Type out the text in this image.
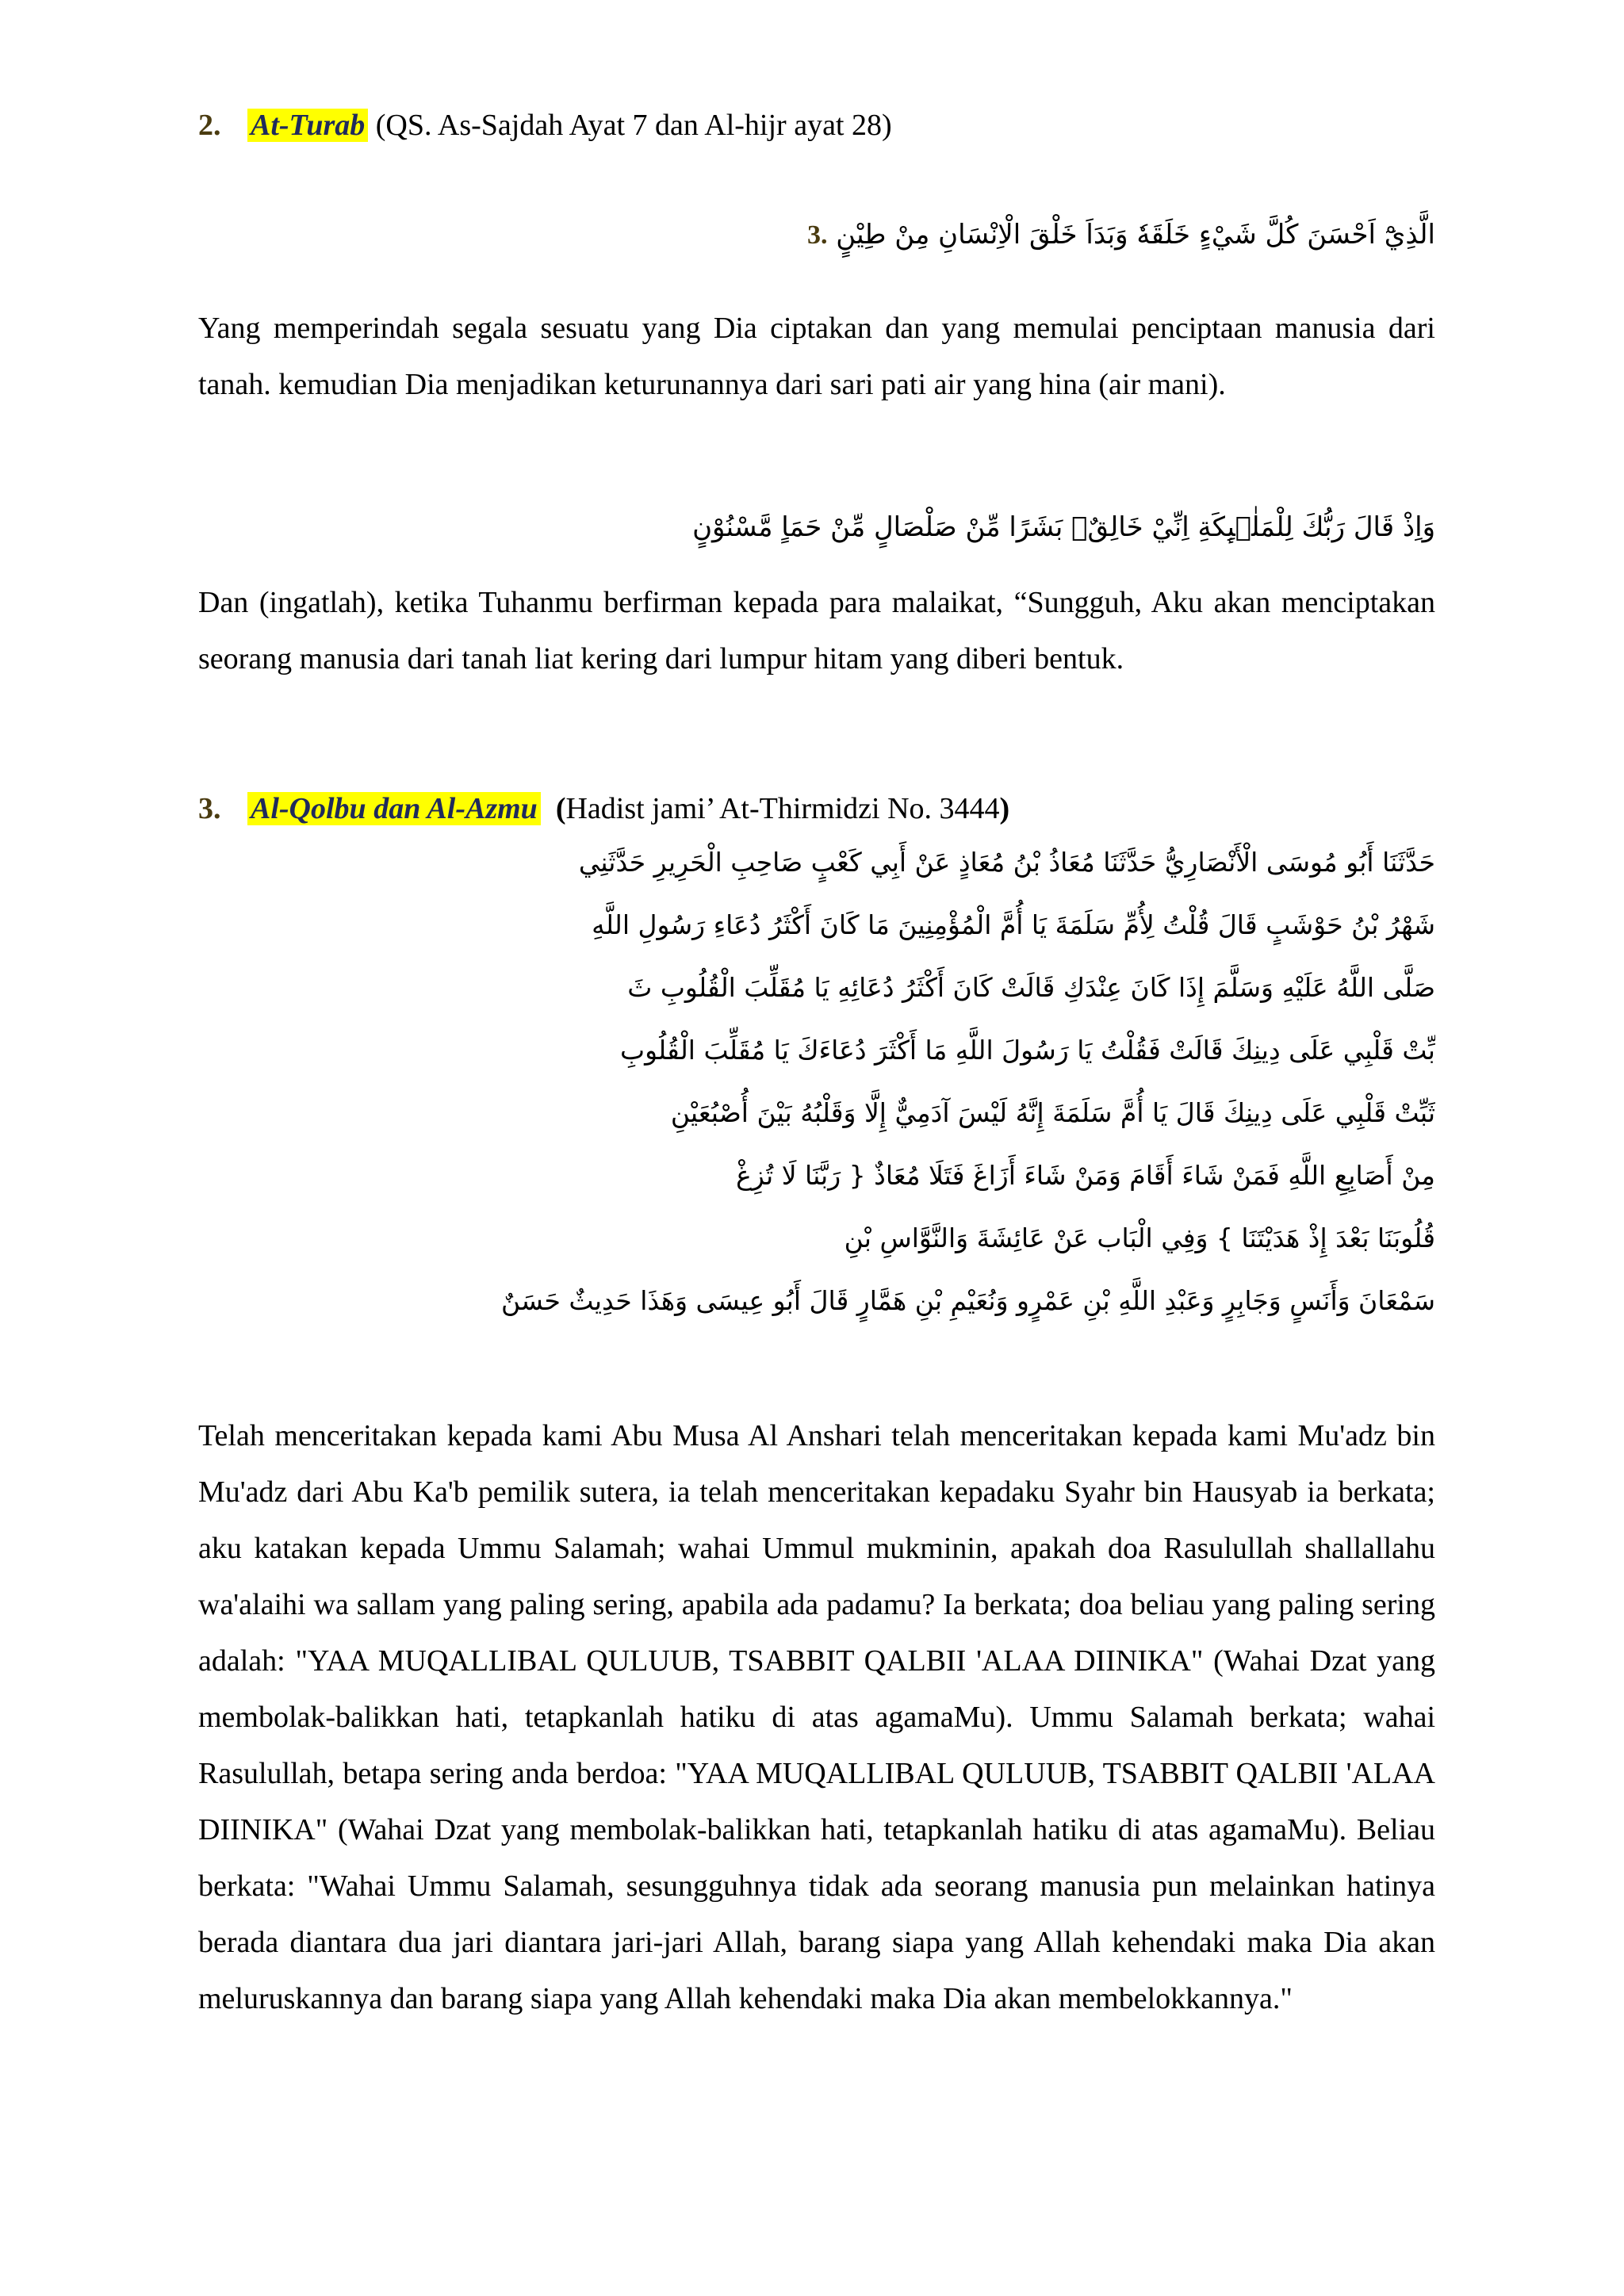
2. At-Turab (QS. As-Sajdah Ayat 7 dan Al-hijr ayat 28)
الَّذِيْٓ اَحْسَنَ كُلَّ شَيْءٍ خَلَقَهٗ وَبَدَاَ خَلْقَ الْاِنْسَانِ مِنْ طِيْنٍ .3
Yang memperindah segala sesuatu yang Dia ciptakan dan yang memulai penciptaan manusia dari tanah. kemudian Dia menjadikan keturunannya dari sari pati air yang hina (air mani).
وَاِذْ قَالَ رَبُّكَ لِلْمَلٰۤىِٕكَةِ اِنِّيْ خَالِقٌۢ بَشَرًا مِّنْ صَلْصَالٍ مِّنْ حَمَاٍ مَّسْنُوْنٍ
Dan (ingatlah), ketika Tuhanmu berfirman kepada para malaikat, “Sungguh, Aku akan menciptakan seorang manusia dari tanah liat kering dari lumpur hitam yang diberi bentuk.
3. Al-Qolbu dan Al-Azmu (Hadist jami’ At-Thirmidzi No. 3444)
حَدَّثَنَا أَبُو مُوسَى الْأَنْصَارِيُّ حَدَّثَنَا مُعَاذُ بْنُ مُعَاذٍ عَنْ أَبِي كَعْبٍ صَاحِبِ الْحَرِيرِ حَدَّثَنِي
شَهْرُ بْنُ حَوْشَبٍ قَالَ قُلْتُ لِأُمِّ سَلَمَةَ يَا أُمَّ الْمُؤْمِنِينَ مَا كَانَ أَكْثَرُ دُعَاءِ رَسُولِ اللَّهِ
صَلَّى اللَّهُ عَلَيْهِ وَسَلَّمَ إِذَا كَانَ عِنْدَكِ قَالَتْ كَانَ أَكْثَرُ دُعَائِهِ يَا مُقَلِّبَ الْقُلُوبِ ثَ
بِّتْ قَلْبِي عَلَى دِينِكَ قَالَتْ فَقُلْتُ يَا رَسُولَ اللَّهِ مَا أَكْثَرَ دُعَاءَكَ يَا مُقَلِّبَ الْقُلُوبِ
ثَبِّتْ قَلْبِي عَلَى دِينِكَ قَالَ يَا أُمَّ سَلَمَةَ إِنَّهُ لَيْسَ آدَمِيٌّ إِلَّا وَقَلْبُهُ بَيْنَ أُصْبُعَيْنِ
مِنْ أَصَابِعِ اللَّهِ فَمَنْ شَاءَ أَقَامَ وَمَنْ شَاءَ أَزَاغَ فَتَلَا مُعَاذٌ { رَبَّنَا لَا تُزِغْ
قُلُوبَنَا بَعْدَ إِذْ هَدَيْتَنَا } وَفِي الْبَاب عَنْ عَائِشَةَ وَالنَّوَّاسِ بْنِ
سَمْعَانَ وَأَنَسٍ وَجَابِرٍ وَعَبْدِ اللَّهِ بْنِ عَمْرٍو وَنُعَيْمِ بْنِ هَمَّارٍ قَالَ أَبُو عِيسَى وَهَذَا حَدِيثٌ حَسَنٌ
Telah menceritakan kepada kami Abu Musa Al Anshari telah menceritakan kepada kami Mu'adz bin Mu'adz dari Abu Ka'b pemilik sutera, ia telah menceritakan kepadaku Syahr bin Hausyab ia berkata; aku katakan kepada Ummu Salamah; wahai Ummul mukminin, apakah doa Rasulullah shallallahu wa'alaihi wa sallam yang paling sering, apabila ada padamu? Ia berkata; doa beliau yang paling sering adalah: "YAA MUQALLIBAL QULUUB, TSABBIT QALBII 'ALAA DIINIKA" (Wahai Dzat yang membolak-balikkan hati, tetapkanlah hatiku di atas agamaMu). Ummu Salamah berkata; wahai Rasulullah, betapa sering anda berdoa: "YAA MUQALLIBAL QULUUB, TSABBIT QALBII 'ALAA DIINIKA" (Wahai Dzat yang membolak-balikkan hati, tetapkanlah hatiku di atas agamaMu). Beliau berkata: "Wahai Ummu Salamah, sesungguhnya tidak ada seorang manusia pun melainkan hatinya berada diantara dua jari diantara jari-jari Allah, barang siapa yang Allah kehendaki maka Dia akan meluruskannya dan barang siapa yang Allah kehendaki maka Dia akan membelokkannya."
